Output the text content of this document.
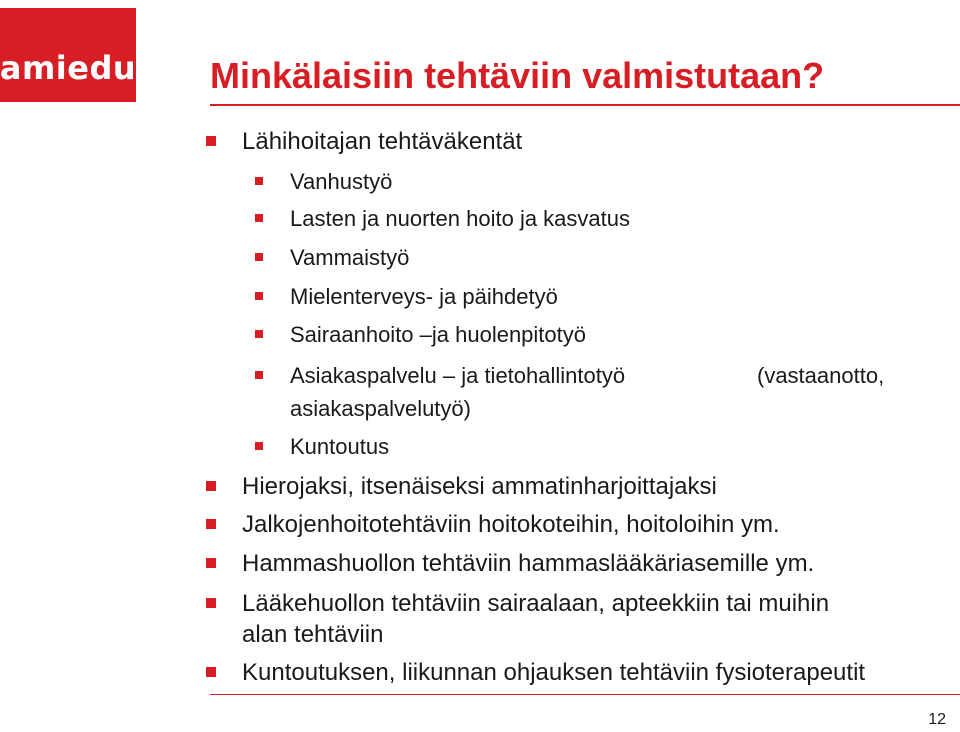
amiedu Minkälaisiin tehtäviin valmistutaan?
Lähihoitajan tehtäväkentät
Vanhustyö
Lasten ja nuorten hoito ja kasvatus
Vammaistyö
Mielenterveys- ja päihdetyö
Sairaanhoito –ja huolenpitotyö
Asiakaspalvelu – ja tietohallintotyö	(vastaanotto,
asiakaspalvelutyö)
Kuntoutus
Hierojaksi, itsenäiseksi ammatinharjoittajaksi
Jalkojenhoitotehtäviin hoitokoteihin, hoitoloihin ym.
Hammashuollon tehtäviin hammaslääkäriasemille ym.
Lääkehuollon tehtäviin sairaalaan, apteekkiin tai muihin
alan tehtäviin
Kuntoutuksen, liikunnan ohjauksen tehtäviin fysioterapeutit
12
